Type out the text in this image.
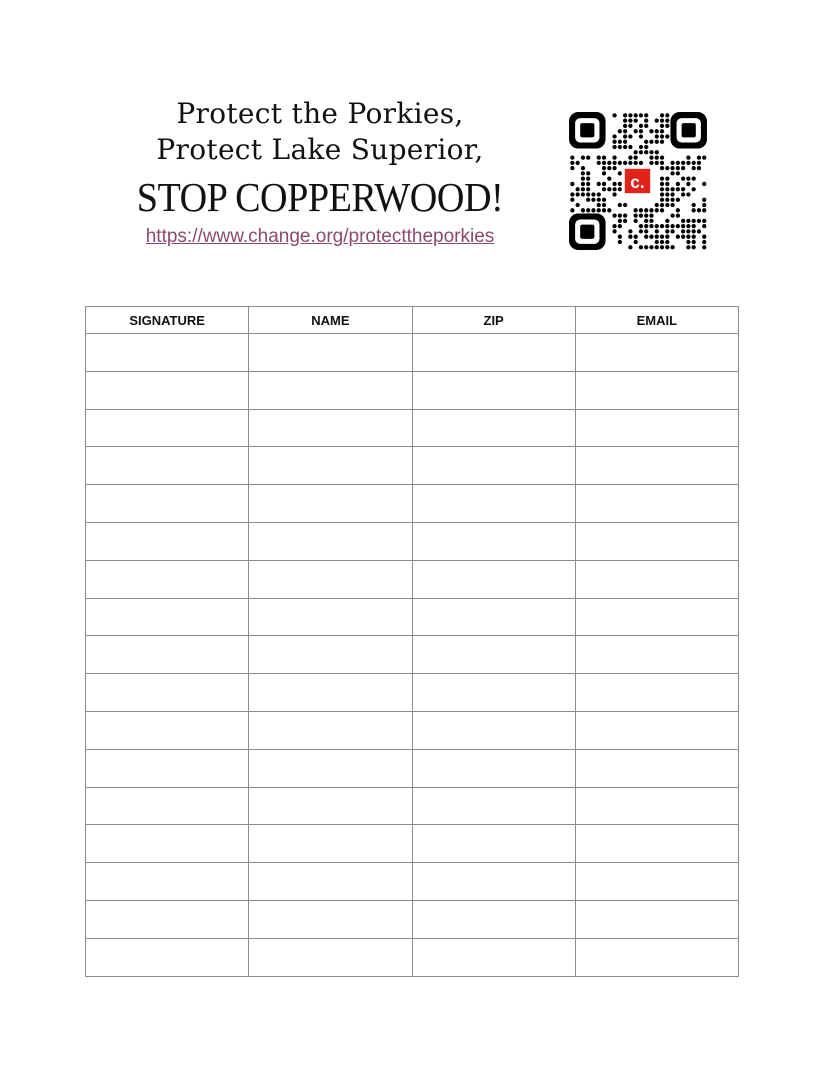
Protect the Porkies,
Protect Lake Superior,
STOP COPPERWOOD!
https://www.change.org/protecttheporkies
c.
SIGNATURE	NAME	ZIP	EMAIL
